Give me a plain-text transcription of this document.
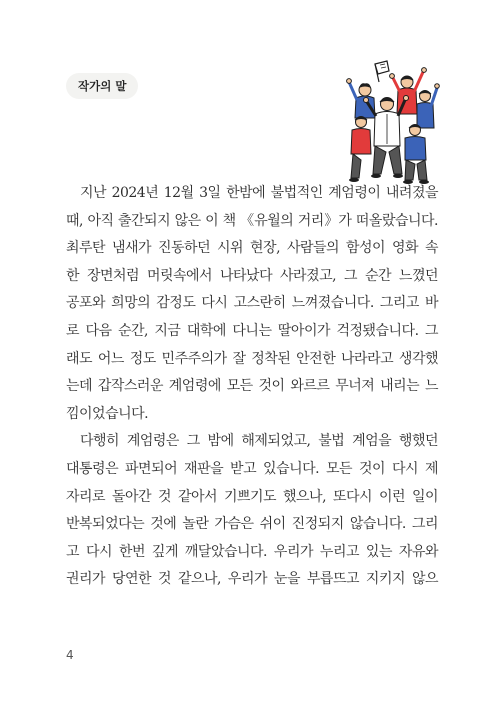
작가의 말

지난 2024년 12월 3일 한밤에 불법적인 계엄령이 내려졌을
때, 아직 출간되지 않은 이 책 《유월의 거리》가 떠올랐습니다.
최루탄 냄새가 진동하던 시위 현장, 사람들의 함성이 영화 속
한 장면처럼 머릿속에서 나타났다 사라졌고, 그 순간 느꼈던
공포와 희망의 감정도 다시 고스란히 느껴졌습니다. 그리고 바
로 다음 순간, 지금 대학에 다니는 딸아이가 걱정됐습니다. 그
래도 어느 정도 민주주의가 잘 정착된 안전한 나라라고 생각했
는데 갑작스러운 계엄령에 모든 것이 와르르 무너져 내리는 느
낌이었습니다.

다행히 계엄령은 그 밤에 해제되었고, 불법 계엄을 행했던
대통령은 파면되어 재판을 받고 있습니다. 모든 것이 다시 제
자리로 돌아간 것 같아서 기쁘기도 했으나, 또다시 이런 일이
반복되었다는 것에 놀란 가슴은 쉬이 진정되지 않습니다. 그리
고 다시 한번 깊게 깨달았습니다. 우리가 누리고 있는 자유와
권리가 당연한 것 같으나, 우리가 눈을 부릅뜨고 지키지 않으

4
